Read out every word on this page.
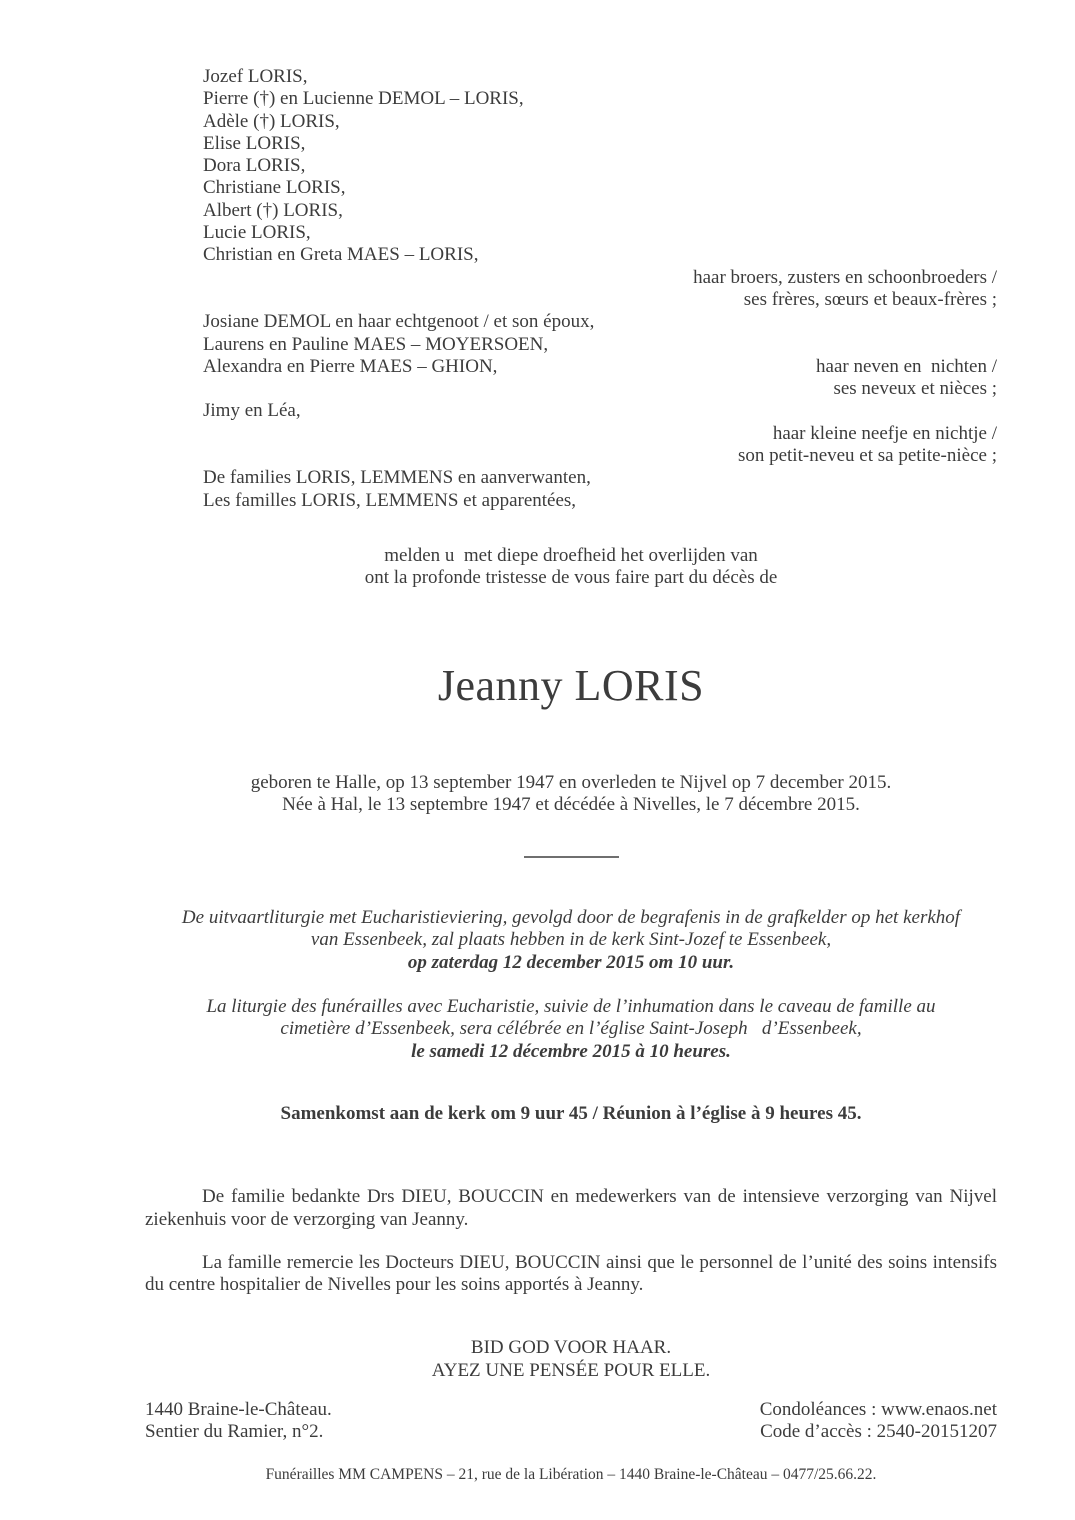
Jozef LORIS,
Pierre (†) en Lucienne DEMOL – LORIS,
Adèle (†) LORIS,
Elise LORIS,
Dora LORIS,
Christiane LORIS,
Albert (†) LORIS,
Lucie LORIS,
Christian en Greta MAES – LORIS,
haar broers, zusters en schoonbroeders /
ses frères, sœurs et beaux-frères ;
Josiane DEMOL en haar echtgenoot / et son époux,
Laurens en Pauline MAES – MOYERSOEN,
Alexandra en Pierre MAES – GHION,	haar neven en  nichten /
ses neveux et nièces ;
Jimy en Léa,
haar kleine neefje en nichtje /
son petit-neveu et sa petite-nièce ;
De families LORIS, LEMMENS en aanverwanten,
Les familles LORIS, LEMMENS et apparentées,
melden u  met diepe droefheid het overlijden van
ont la profonde tristesse de vous faire part du décès de
Jeanny LORIS
geboren te Halle, op 13 september 1947 en overleden te Nijvel op 7 december 2015.
Née à Hal, le 13 septembre 1947 et décédée à Nivelles, le 7 décembre 2015.
De uitvaartliturgie met Eucharistieviering, gevolgd door de begrafenis in de grafkelder op het kerkhof
van Essenbeek, zal plaats hebben in de kerk Sint-Jozef te Essenbeek,
op zaterdag 12 december 2015 om 10 uur.
La liturgie des funérailles avec Eucharistie, suivie de l’inhumation dans le caveau de famille au
cimetière d’Essenbeek, sera célébrée en l’église Saint-Joseph   d’Essenbeek,
le samedi 12 décembre 2015 à 10 heures.
Samenkomst aan de kerk om 9 uur 45 / Réunion à l’église à 9 heures 45.

De familie bedankte Drs DIEU, BOUCCIN en medewerkers van de intensieve verzorging van Nijvel ziekenhuis voor de verzorging van Jeanny.

La famille remercie les Docteurs DIEU, BOUCCIN ainsi que le personnel de l’unité des soins intensifs du centre hospitalier de Nivelles pour les soins apportés à Jeanny.

BID GOD VOOR HAAR.
AYEZ UNE PENSÉE POUR ELLE.
1440 Braine-le-Château.
Sentier du Ramier, n°2.
Condoléances : www.enaos.net
Code d’accès : 2540-20151207
Funérailles MM CAMPENS – 21, rue de la Libération – 1440 Braine-le-Château – 0477/25.66.22.
